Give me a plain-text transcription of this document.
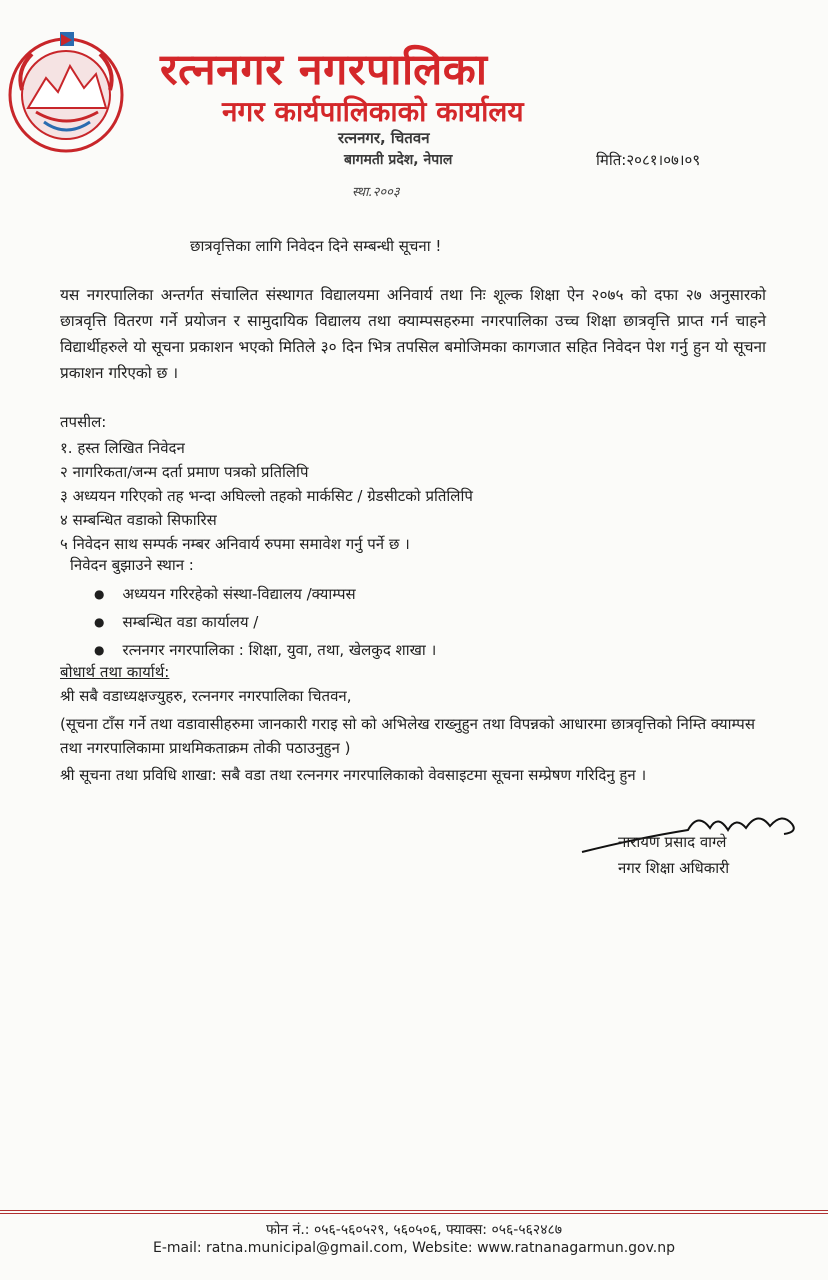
रत्ननगर नगरपालिका
नगर कार्यपालिकाको कार्यालय
रत्ननगर, चितवन
बागमती प्रदेश, नेपाल
स्था.२००३
मिति:२०८१।०७।०९
छात्रवृत्तिका लागि निवेदन दिने सम्बन्धी सूचना !
यस नगरपालिका अन्तर्गत संचालित संस्थागत विद्यालयमा अनिवार्य तथा निः शूल्क शिक्षा ऐन २०७५ को दफा २७ अनुसारको छात्रवृत्ति वितरण गर्ने प्रयोजन र सामुदायिक विद्यालय तथा क्याम्पसहरुमा नगरपालिका उच्च शिक्षा छात्रवृत्ति प्राप्त गर्न चाहने विद्यार्थीहरुले यो सूचना प्रकाशन भएको मितिले ३० दिन भित्र तपसिल बमोजिमका कागजात सहित निवेदन पेश गर्नु हुन यो सूचना प्रकाशन गरिएको छ ।
तपसील:
१. हस्त लिखित निवेदन
२ नागरिकता/जन्म दर्ता प्रमाण पत्रको प्रतिलिपि
३ अध्ययन गरिएको तह भन्दा अघिल्लो तहको मार्कसिट / ग्रेडसीटको प्रतिलिपि
४ सम्बन्धित वडाको सिफारिस
५ निवेदन साथ सम्पर्क नम्बर अनिवार्य रुपमा समावेश गर्नु पर्ने छ ।
निवेदन बुझाउने स्थान :
● अध्ययन गरिरहेको संस्था-विद्यालय /क्याम्पस
● सम्बन्धित वडा कार्यालय /
● रत्ननगर नगरपालिका : शिक्षा, युवा, तथा, खेलकुद शाखा ।
बोधार्थ तथा कार्यार्थ:
श्री सबै वडाध्यक्षज्युहरु, रत्ननगर नगरपालिका चितवन,
(सूचना टाँस गर्ने तथा वडावासीहरुमा जानकारी गराइ सो को अभिलेख राख्नुहुन तथा विपन्नको आधारमा छात्रवृत्तिको निम्ति क्याम्पस तथा नगरपालिकामा प्राथमिकताक्रम तोकी पठाउनुहुन )
श्री सूचना तथा प्रविधि शाखा: सबै वडा तथा रत्ननगर नगरपालिकाको वेवसाइटमा सूचना सम्प्रेषण गरिदिनु हुन ।
नारायण प्रसाद वाग्ले
नगर शिक्षा अधिकारी
फोन नं.: ०५६-५६०५२९, ५६०५०६, फ्याक्स: ०५६-५६२४८७
E-mail: ratna.municipal@gmail.com, Website: www.ratnanagarmun.gov.np
